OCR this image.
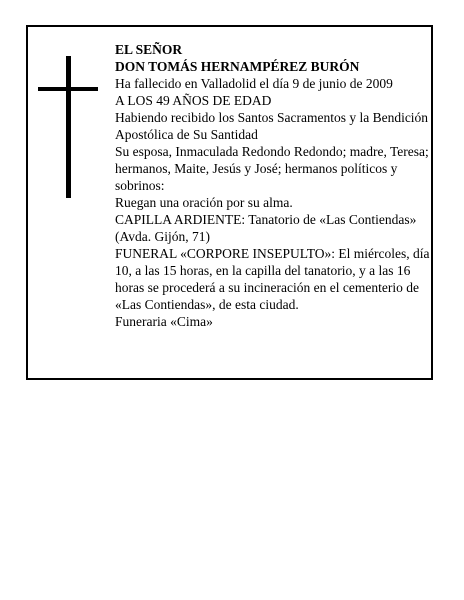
EL SEÑOR

DON TOMÁS HERNAMPÉREZ BURÓN

Ha fallecido en Valladolid el día 9 de junio de 2009

A LOS 49 AÑOS DE EDAD

Habiendo recibido los Santos Sacramentos y la Bendición Apostólica de Su Santidad

Su esposa, Inmaculada Redondo Redondo; madre, Teresa; hermanos, Maite, Jesús y José; hermanos políticos y sobrinos:

Ruegan una oración por su alma.

CAPILLA ARDIENTE: Tanatorio de «Las Contiendas» (Avda. Gijón, 71)

FUNERAL «CORPORE INSEPULTO»: El miércoles, día 10, a las 15 horas, en la capilla del tanatorio, y a las 16 horas se procederá a su incineración en el cementerio de «Las Contiendas», de esta ciudad.

Funeraria «Cima»
